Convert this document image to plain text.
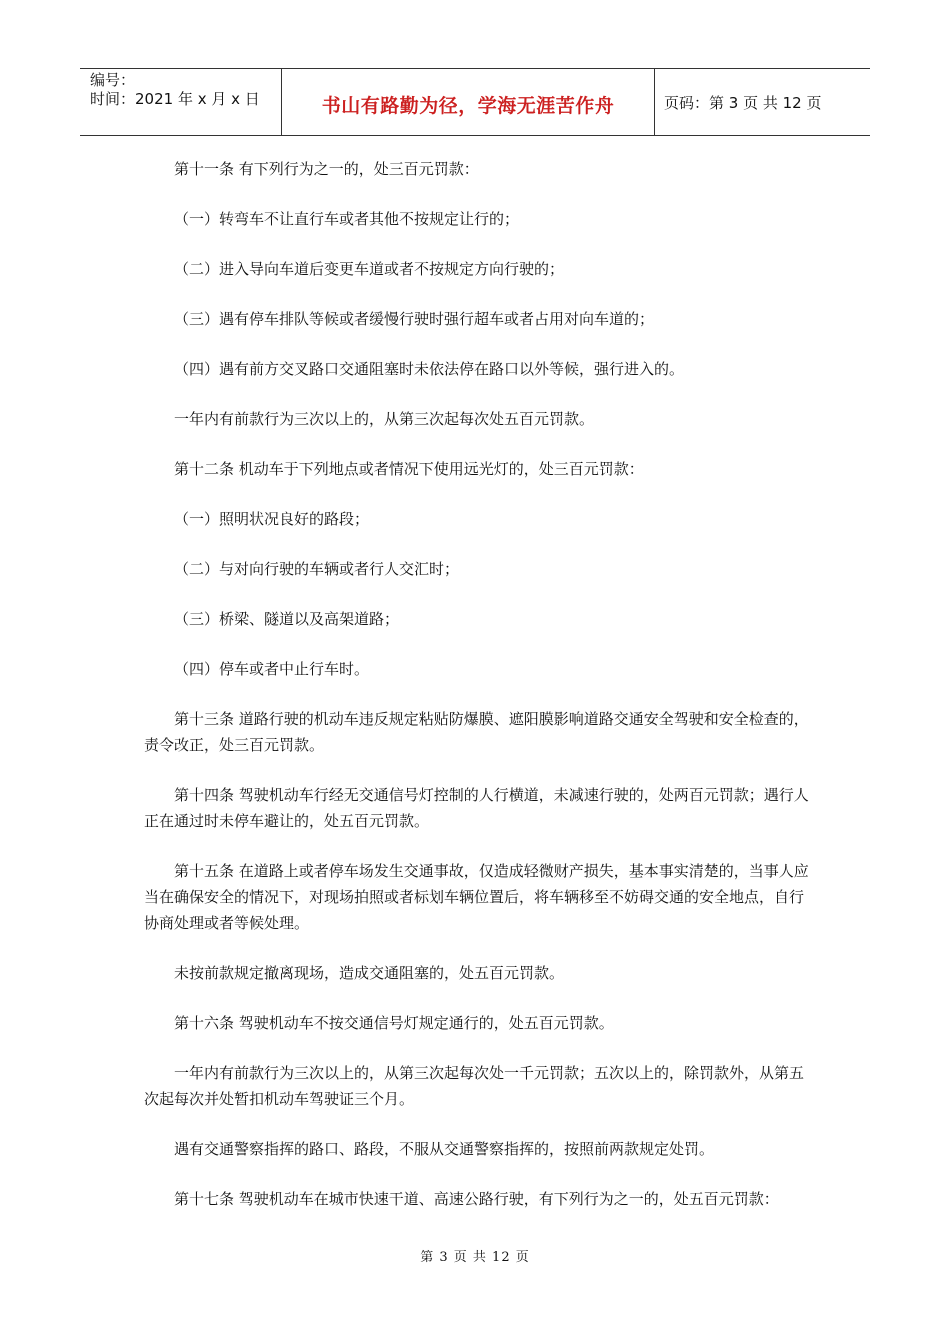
编号：
时间：2021 年 x 月 x 日	书山有路勤为径，学海无涯苦作舟	页码：第 3 页 共 12 页

第十一条 有下列行为之一的，处三百元罚款：

（一）转弯车不让直行车或者其他不按规定让行的；

（二）进入导向车道后变更车道或者不按规定方向行驶的；

（三）遇有停车排队等候或者缓慢行驶时强行超车或者占用对向车道的；

（四）遇有前方交叉路口交通阻塞时未依法停在路口以外等候，强行进入的。

一年内有前款行为三次以上的，从第三次起每次处五百元罚款。

第十二条 机动车于下列地点或者情况下使用远光灯的，处三百元罚款：

（一）照明状况良好的路段；

（二）与对向行驶的车辆或者行人交汇时；

（三）桥梁、隧道以及高架道路；

（四）停车或者中止行车时。

第十三条 道路行驶的机动车违反规定粘贴防爆膜、遮阳膜影响道路交通安全驾驶和安全检查的，责令改正，处三百元罚款。

第十四条 驾驶机动车行经无交通信号灯控制的人行横道，未减速行驶的，处两百元罚款；遇行人正在通过时未停车避让的，处五百元罚款。

第十五条 在道路上或者停车场发生交通事故，仅造成轻微财产损失，基本事实清楚的，当事人应当在确保安全的情况下，对现场拍照或者标划车辆位置后，将车辆移至不妨碍交通的安全地点，自行协商处理或者等候处理。

未按前款规定撤离现场，造成交通阻塞的，处五百元罚款。

第十六条 驾驶机动车不按交通信号灯规定通行的，处五百元罚款。

一年内有前款行为三次以上的，从第三次起每次处一千元罚款；五次以上的，除罚款外，从第五次起每次并处暂扣机动车驾驶证三个月。

遇有交通警察指挥的路口、路段，不服从交通警察指挥的，按照前两款规定处罚。

第十七条 驾驶机动车在城市快速干道、高速公路行驶，有下列行为之一的，处五百元罚款：

第 3 页 共 12 页
